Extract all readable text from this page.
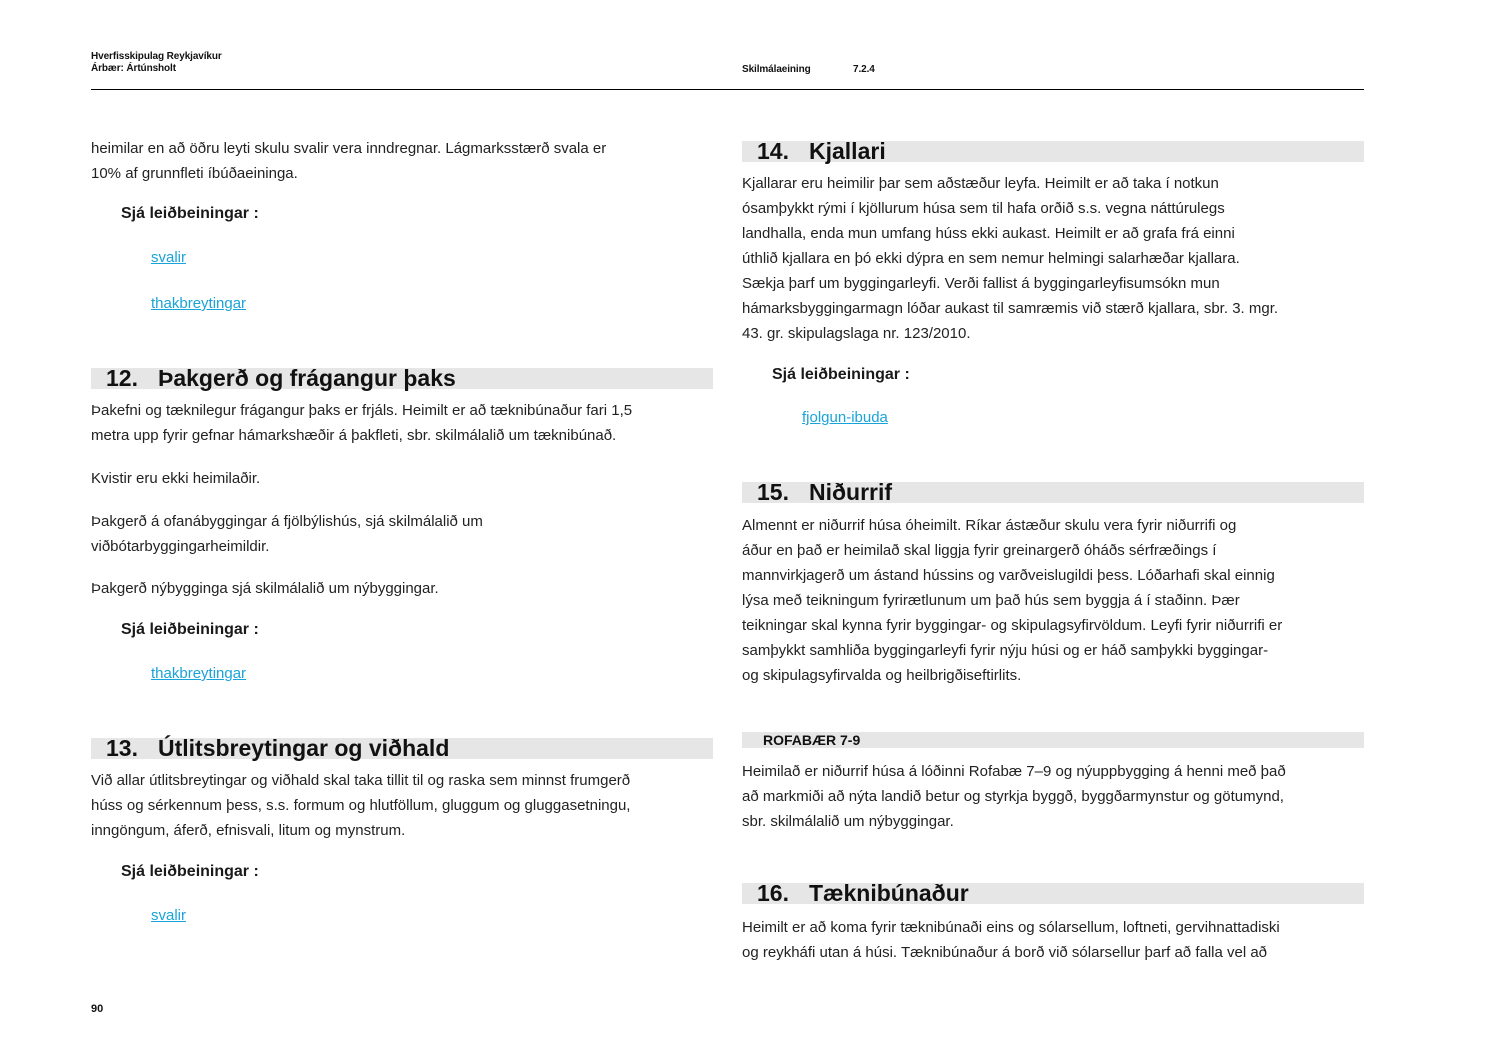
Hverfisskipulag Reykjavíkur
Árbær: Ártúnsholt	Skilmálaeining	7.2.4

heimilar en að öðru leyti skulu svalir vera inndregnar. Lágmarksstærð svala er

10% af grunnfleti íbúðaeininga.

Sjá leiðbeiningar :
svalir
thakbreytingar
12. Þakgerð og frágangur þaks

Þakefni og tæknilegur frágangur þaks er frjáls. Heimilt er að tæknibúnaður fari 1,5

metra upp fyrir gefnar hámarkshæðir á þakfleti, sbr. skilmálalið um tæknibúnað.

Kvistir eru ekki heimilaðir.

Þakgerð á ofanábyggingar á fjölbýlishús, sjá skilmálalið um

viðbótarbyggingarheimildir.

Þakgerð nýbygginga sjá skilmálalið um nýbyggingar.

Sjá leiðbeiningar :
thakbreytingar
13. Útlitsbreytingar og viðhald

Við allar útlitsbreytingar og viðhald skal taka tillit til og raska sem minnst frumgerð

húss og sérkennum þess, s.s. formum og hlutföllum, gluggum og gluggasetningu,

inngöngum, áferð, efnisvali, litum og mynstrum.

Sjá leiðbeiningar :
svalir
14. Kjallari

Kjallarar eru heimilir þar sem aðstæður leyfa. Heimilt er að taka í notkun

ósamþykkt rými í kjöllurum húsa sem til hafa orðið s.s. vegna náttúrulegs

landhalla, enda mun umfang húss ekki aukast. Heimilt er að grafa frá einni

úthlið kjallara en þó ekki dýpra en sem nemur helmingi salarhæðar kjallara.

Sækja þarf um byggingarleyfi. Verði fallist á byggingarleyfisumsókn mun

hámarksbyggingarmagn lóðar aukast til samræmis við stærð kjallara, sbr. 3. mgr.

43. gr. skipulagslaga nr. 123/2010.

Sjá leiðbeiningar :
fjolgun-ibuda
15. Niðurrif

Almennt er niðurrif húsa óheimilt. Ríkar ástæður skulu vera fyrir niðurrifi og

áður en það er heimilað skal liggja fyrir greinargerð óháðs sérfræðings í

mannvirkjagerð um ástand hússins og varðveislugildi þess. Lóðarhafi skal einnig

lýsa með teikningum fyrirætlunum um það hús sem byggja á í staðinn. Þær

teikningar skal kynna fyrir byggingar- og skipulagsyfirvöldum. Leyfi fyrir niðurrifi er

samþykkt samhliða byggingarleyfi fyrir nýju húsi og er háð samþykki byggingar-

og skipulagsyfirvalda og heilbrigðiseftirlits.

ROFABÆR 7-9

Heimilað er niðurrif húsa á lóðinni Rofabæ 7–9 og nýuppbygging á henni með það

að markmiði að nýta landið betur og styrkja byggð, byggðarmynstur og götumynd,

sbr. skilmálalið um nýbyggingar.

16. Tæknibúnaður

Heimilt er að koma fyrir tæknibúnaði eins og sólarsellum, loftneti, gervihnattadiski

og reykháfi utan á húsi. Tæknibúnaður á borð við sólarsellur þarf að falla vel að

90
